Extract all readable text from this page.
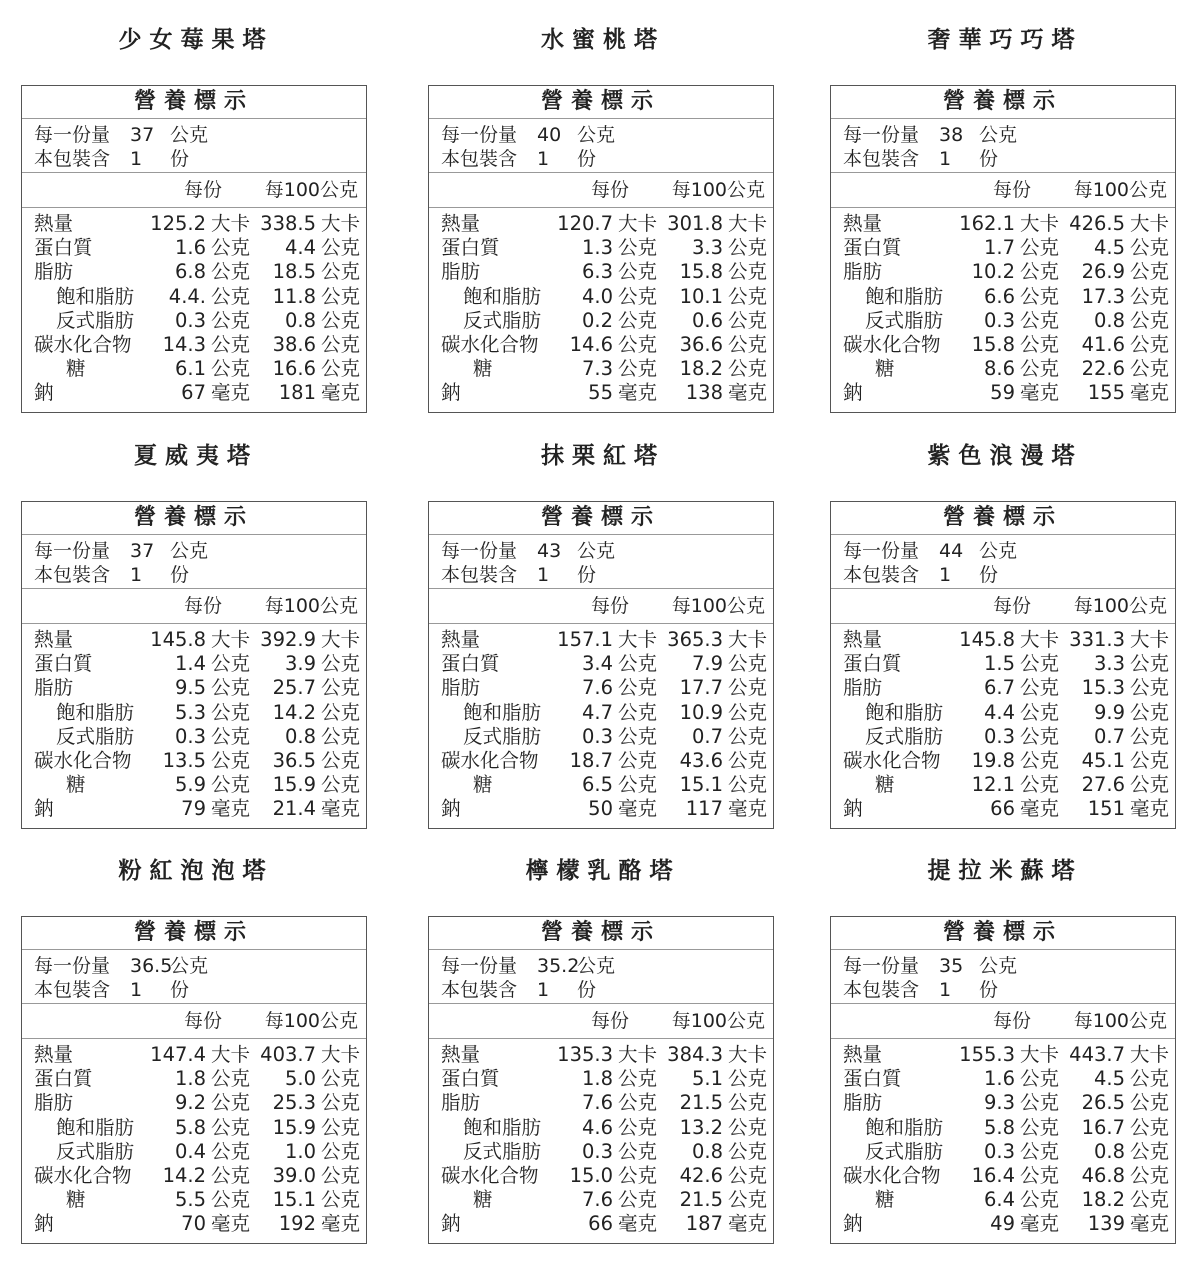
少女莓果塔
營養標示
每一份量	37 公克
本包裝含	1	份
每份	每100公克
熱量	125.2 大卡 338.5 大卡
蛋白質	1.6 公克	4.4 公克
脂肪	6.8 公克	18.5 公克
飽和脂肪	4.4. 公克	11.8 公克
反式脂肪	0.3 公克	0.8 公克
碳水化合物	14.3 公克	38.6 公克
糖	6.1 公克	16.6 公克
鈉	67 毫克	181 毫克
水蜜桃塔
營養標示
每一份量	40 公克
本包裝含	1	份
每份	每100公克
熱量	120.7 大卡 301.8 大卡
蛋白質	1.3 公克	3.3 公克
脂肪	6.3 公克	15.8 公克
飽和脂肪	4.0 公克	10.1 公克
反式脂肪	0.2 公克	0.6 公克
碳水化合物	14.6 公克	36.6 公克
糖	7.3 公克	18.2 公克
鈉	55 毫克	138 毫克
奢華巧巧塔
營養標示
每一份量	38 公克
本包裝含	1	份
每份	每100公克
熱量	162.1 大卡 426.5 大卡
蛋白質	1.7 公克	4.5 公克
脂肪	10.2 公克	26.9 公克
飽和脂肪	6.6 公克	17.3 公克
反式脂肪	0.3 公克	0.8 公克
碳水化合物	15.8 公克	41.6 公克
糖	8.6 公克	22.6 公克
鈉	59 毫克	155 毫克
夏威夷塔
營養標示
每一份量	37 公克
本包裝含	1	份
每份	每100公克
熱量	145.8 大卡 392.9 大卡
蛋白質	1.4 公克	3.9 公克
脂肪	9.5 公克	25.7 公克
飽和脂肪	5.3 公克	14.2 公克
反式脂肪	0.3 公克	0.8 公克
碳水化合物	13.5 公克	36.5 公克
糖	5.9 公克	15.9 公克
鈉	79 毫克	21.4 毫克
抹栗紅塔
營養標示
每一份量	43 公克
本包裝含	1	份
每份	每100公克
熱量	157.1 大卡 365.3 大卡
蛋白質	3.4 公克	7.9 公克
脂肪	7.6 公克	17.7 公克
飽和脂肪	4.7 公克	10.9 公克
反式脂肪	0.3 公克	0.7 公克
碳水化合物	18.7 公克	43.6 公克
糖	6.5 公克	15.1 公克
鈉	50 毫克	117 毫克
紫色浪漫塔
營養標示
每一份量	44 公克
本包裝含	1	份
每份	每100公克
熱量	145.8 大卡 331.3 大卡
蛋白質	1.5 公克	3.3 公克
脂肪	6.7 公克	15.3 公克
飽和脂肪	4.4 公克	9.9 公克
反式脂肪	0.3 公克	0.7 公克
碳水化合物	19.8 公克	45.1 公克
糖	12.1 公克	27.6 公克
鈉	66 毫克	151 毫克
粉紅泡泡塔
營養標示
每一份量	36.5
公克
本包裝含	1	份
每份	每100公克
熱量	147.4 大卡 403.7 大卡
蛋白質	1.8 公克	5.0 公克
脂肪	9.2 公克	25.3 公克
飽和脂肪	5.8 公克	15.9 公克
反式脂肪	0.4 公克	1.0 公克
碳水化合物	14.2 公克	39.0 公克
糖	5.5 公克	15.1 公克
鈉	70 毫克	192 毫克
檸檬乳酪塔
營養標示
每一份量	35.2
公克
本包裝含	1	份
每份	每100公克
熱量	135.3 大卡 384.3 大卡
蛋白質	1.8 公克	5.1 公克
脂肪	7.6 公克	21.5 公克
飽和脂肪	4.6 公克	13.2 公克
反式脂肪	0.3 公克	0.8 公克
碳水化合物	15.0 公克	42.6 公克
糖	7.6 公克	21.5 公克
鈉	66 毫克	187 毫克
提拉米蘇塔
營養標示
每一份量	35 公克
本包裝含	1	份
每份	每100公克
熱量	155.3 大卡 443.7 大卡
蛋白質	1.6 公克	4.5 公克
脂肪	9.3 公克	26.5 公克
飽和脂肪	5.8 公克	16.7 公克
反式脂肪	0.3 公克	0.8 公克
碳水化合物	16.4 公克	46.8 公克
糖	6.4 公克	18.2 公克
鈉	49 毫克	139 毫克
